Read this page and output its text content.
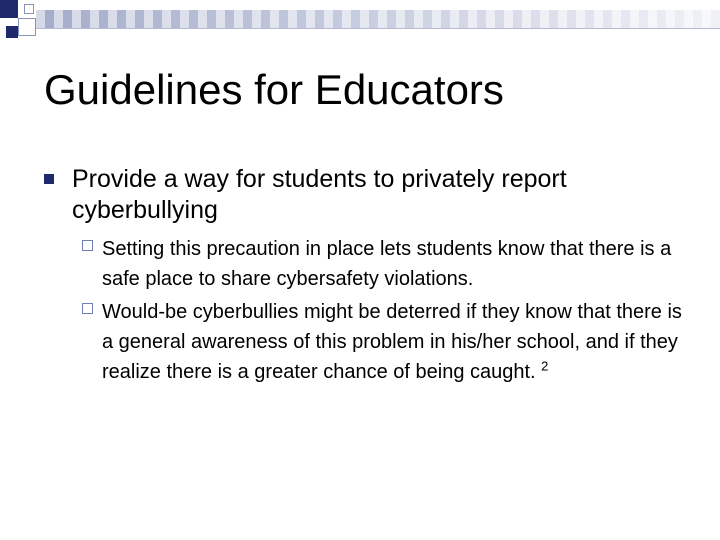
Guidelines for Educators
Provide a way for students to privately report cyberbullying
Setting this precaution in place lets students know that there is a safe place to share cybersafety violations.
Would-be cyberbullies might be deterred if they know that there is a general awareness of this problem in his/her school, and if they realize there is a greater chance of being caught. $^2$
